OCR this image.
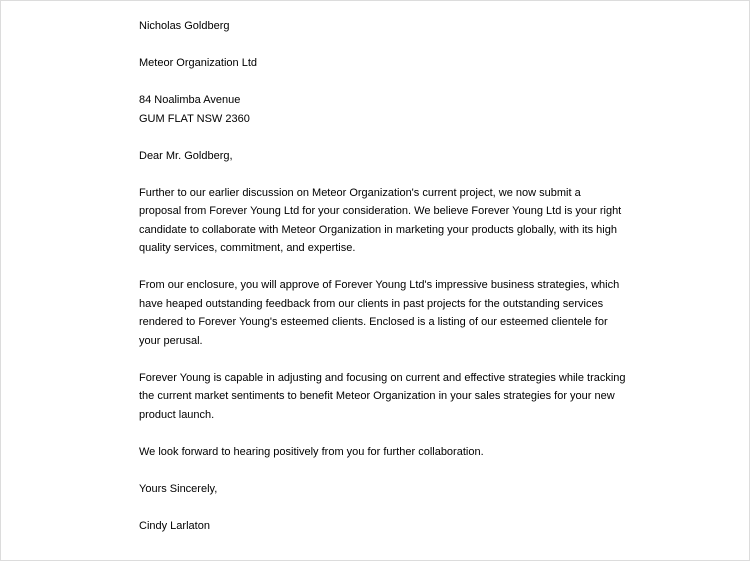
Nicholas Goldberg
Meteor Organization Ltd
84 Noalimba Avenue
GUM FLAT NSW 2360
Dear Mr. Goldberg,
Further to our earlier discussion on Meteor Organization's current project, we now submit a
proposal from Forever Young Ltd for your consideration. We believe Forever Young Ltd is your right
candidate to collaborate with Meteor Organization in marketing your products globally, with its high
quality services, commitment, and expertise.
From our enclosure, you will approve of Forever Young Ltd's impressive business strategies, which
have heaped outstanding feedback from our clients in past projects for the outstanding services
rendered to Forever Young's esteemed clients. Enclosed is a listing of our esteemed clientele for
your perusal.
Forever Young is capable in adjusting and focusing on current and effective strategies while tracking
the current market sentiments to benefit Meteor Organization in your sales strategies for your new
product launch.
We look forward to hearing positively from you for further collaboration.
Yours Sincerely,
Cindy Larlaton
